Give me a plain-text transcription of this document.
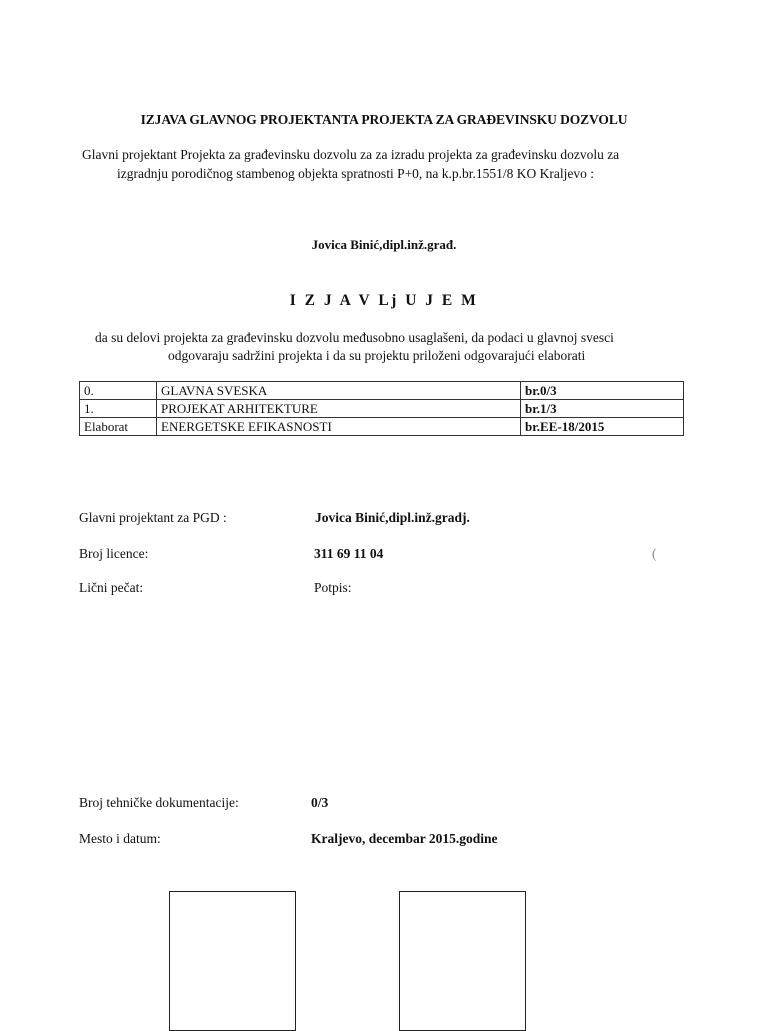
IZJAVA GLAVNOG PROJEKTANTA PROJEKTA ZA GRAĐEVINSKU DOZVOLU
Glavni projektant Projekta za građevinsku dozvolu za za izradu projekta za građevinsku dozvolu za
izgradnju porodičnog stambenog objekta spratnosti P+0, na k.p.br.1551/8 KO Kraljevo :
Jovica Binić,dipl.inž.građ.
I Z J A V Lj U J E M
da su delovi projekta za građevinsku dozvolu međusobno usaglašeni, da podaci u glavnoj svesci
odgovaraju sadržini projekta i da su projektu priloženi odgovarajući elaborati
0.	GLAVNA SVESKA	br.0/3
1.	PROJEKAT ARHITEKTURE	br.1/3
Elaborat	ENERGETSKE EFIKASNOSTI	br.EE-18/2015
Glavni projektant za PGD :	Jovica Binić,dipl.inž.gradj.
Broj licence:	311 69 11 04	(
Lični pečat:	Potpis:
Broj tehničke dokumentacije:	0/3
Mesto i datum:	Kraljevo, decembar 2015.godine
